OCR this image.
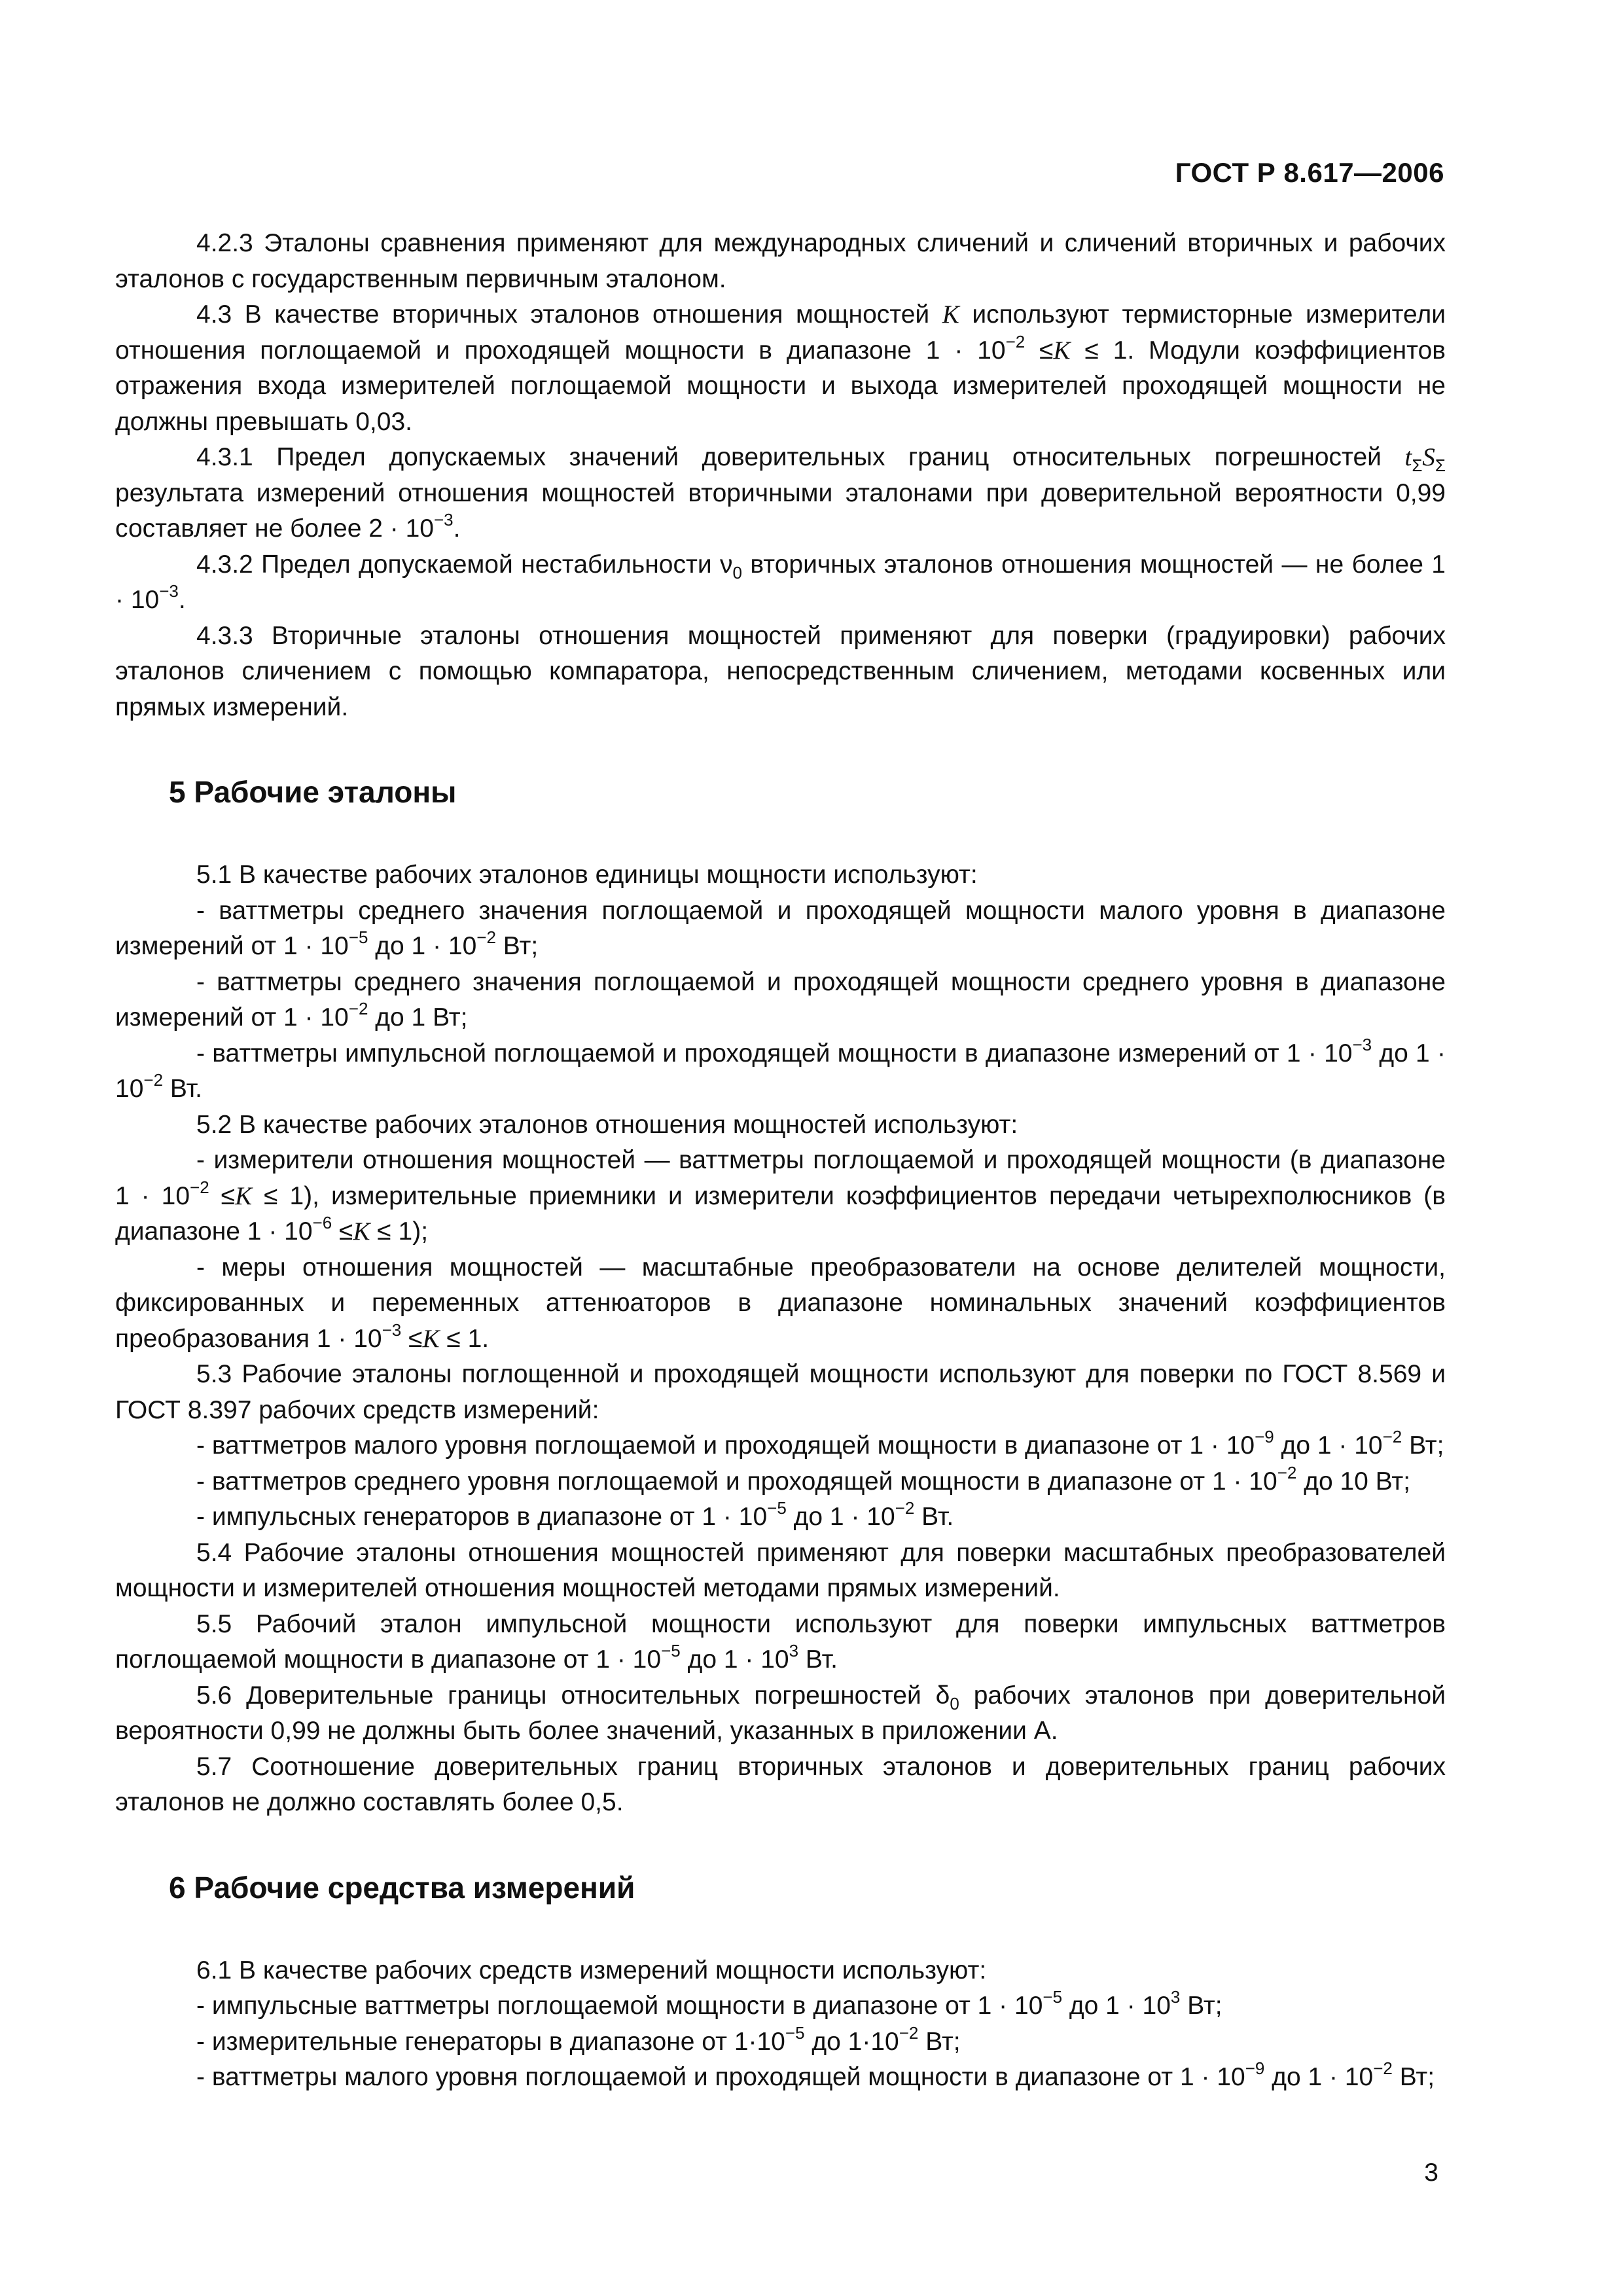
ГОСТ Р 8.617—2006

4.2.3 Эталоны сравнения применяют для международных сличений и сличений вторичных и рабочих эталонов с государственным первичным эталоном.

4.3 В качестве вторичных эталонов отношения мощностей K используют термисторные измерители отношения поглощаемой и проходящей мощности в диапазоне $1 \cdot 10^{-2} \le K \le 1$. Модули коэффициентов отражения входа измерителей поглощаемой мощности и выхода измерителей проходящей мощности не должны превышать 0,03.

4.3.1 Предел допускаемых значений доверительных границ относительных погрешностей $t_\Sigma S_\Sigma$ результата измерений отношения мощностей вторичными эталонами при доверительной вероятности 0,99 составляет не более $2 \cdot 10^{-3}$.

4.3.2 Предел допускаемой нестабильности $\nu_0$ вторичных эталонов отношения мощностей — не более $1 \cdot 10^{-3}$.

4.3.3 Вторичные эталоны отношения мощностей применяют для поверки (градуировки) рабочих эталонов сличением с помощью компаратора, непосредственным сличением, методами косвенных или прямых измерений.

5 Рабочие эталоны

5.1 В качестве рабочих эталонов единицы мощности используют:

- ваттметры среднего значения поглощаемой и проходящей мощности малого уровня в диапазоне измерений от $1 \cdot 10^{-5}$ до $1 \cdot 10^{-2}$ Вт;

- ваттметры среднего значения поглощаемой и проходящей мощности среднего уровня в диапазоне измерений от $1 \cdot 10^{-2}$ до 1 Вт;

- ваттметры импульсной поглощаемой и проходящей мощности в диапазоне измерений от $1 \cdot 10^{-3}$ до $1 \cdot 10^{-2}$ Вт.

5.2 В качестве рабочих эталонов отношения мощностей используют:

- измерители отношения мощностей — ваттметры поглощаемой и проходящей мощности (в диапазоне $1 \cdot 10^{-2} \le K \le 1$), измерительные приемники и измерители коэффициентов передачи четырехполюсников (в диапазоне $1 \cdot 10^{-6} \le K \le 1$);

- меры отношения мощностей — масштабные преобразователи на основе делителей мощности, фиксированных и переменных аттенюаторов в диапазоне номинальных значений коэффициентов преобразования $1 \cdot 10^{-3} \le K \le 1$.

5.3 Рабочие эталоны поглощенной и проходящей мощности используют для поверки по ГОСТ 8.569 и ГОСТ 8.397 рабочих средств измерений:

- ваттметров малого уровня поглощаемой и проходящей мощности в диапазоне от $1 \cdot 10^{-9}$ до $1 \cdot 10^{-2}$ Вт;

- ваттметров среднего уровня поглощаемой и проходящей мощности в диапазоне от $1 \cdot 10^{-2}$ до 10 Вт;

- импульсных генераторов в диапазоне от $1 \cdot 10^{-5}$ до $1 \cdot 10^{-2}$ Вт.

5.4 Рабочие эталоны отношения мощностей применяют для поверки масштабных преобразователей мощности и измерителей отношения мощностей методами прямых измерений.

5.5 Рабочий эталон импульсной мощности используют для поверки импульсных ваттметров поглощаемой мощности в диапазоне от $1 \cdot 10^{-5}$ до $1 \cdot 10^3$ Вт.

5.6 Доверительные границы относительных погрешностей $\delta_0$ рабочих эталонов при доверительной вероятности 0,99 не должны быть более значений, указанных в приложении А.

5.7 Соотношение доверительных границ вторичных эталонов и доверительных границ рабочих эталонов не должно составлять более 0,5.

6 Рабочие средства измерений

6.1 В качестве рабочих средств измерений мощности используют:

- импульсные ваттметры поглощаемой мощности в диапазоне от $1 \cdot 10^{-5}$ до $1 \cdot 10^3$ Вт;

- измерительные генераторы в диапазоне от $1\cdot 10^{-5}$ до $1\cdot 10^{-2}$ Вт;

- ваттметры малого уровня поглощаемой и проходящей мощности в диапазоне от $1 \cdot 10^{-9}$ до $1 \cdot 10^{-2}$ Вт;

3
